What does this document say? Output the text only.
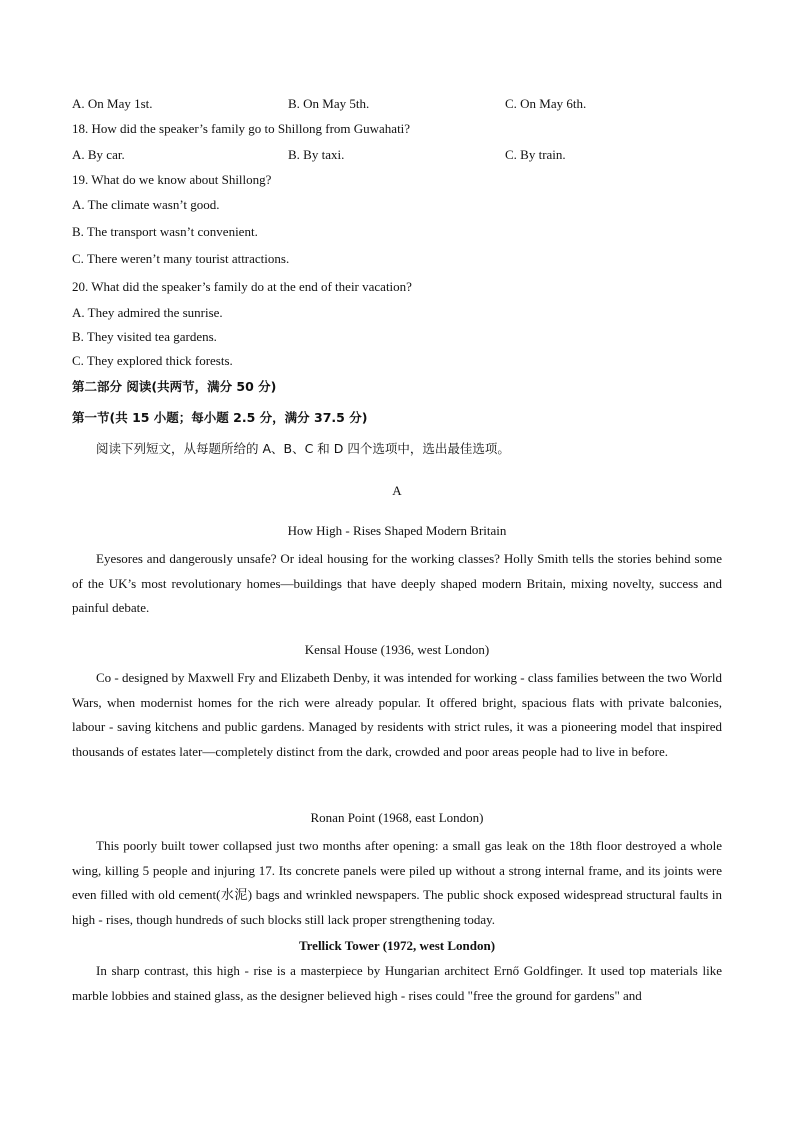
A. On May 1st.	B. On May 5th.	C. On May 6th.
18. How did the speaker’s family go to Shillong from Guwahati?
A. By car.	B. By taxi.	C. By train.
19. What do we know about Shillong?
A. The climate wasn’t good.
B. The transport wasn’t convenient.
C. There weren’t many tourist attractions.
20. What did the speaker’s family do at the end of their vacation?
A. They admired the sunrise.
B. They visited tea gardens.
C. They explored thick forests.
第二部分 阅读(共两节，满分 50 分)
第一节(共 15 小题；每小题 2.5 分，满分 37.5 分)
阅读下列短文，从每题所给的 A、B、C 和 D 四个选项中，选出最佳选项。
A
How High - Rises Shaped Modern Britain
Eyesores and dangerously unsafe? Or ideal housing for the working classes? Holly Smith tells the stories behind some of the UK’s most revolutionary homes—buildings that have deeply shaped modern Britain, mixing novelty, success and painful debate.
Kensal House (1936, west London)
Co - designed by Maxwell Fry and Elizabeth Denby, it was intended for working - class families between the two World Wars, when modernist homes for the rich were already popular. It offered bright, spacious flats with private balconies, labour - saving kitchens and public gardens. Managed by residents with strict rules, it was a pioneering model that inspired thousands of estates later—completely distinct from the dark, crowded and poor areas people had to live in before.
Ronan Point (1968, east London)
This poorly built tower collapsed just two months after opening: a small gas leak on the 18th floor destroyed a whole wing, killing 5 people and injuring 17. Its concrete panels were piled up without a strong internal frame, and its joints were even filled with old cement(水泥) bags and wrinkled newspapers. The public shock exposed widespread structural faults in high - rises, though hundreds of such blocks still lack proper strengthening today.
Trellick Tower (1972, west London)
In sharp contrast, this high - rise is a masterpiece by Hungarian architect Ernő Goldfinger. It used top materials like marble lobbies and stained glass, as the designer believed high - rises could "free the ground for gardens" and
